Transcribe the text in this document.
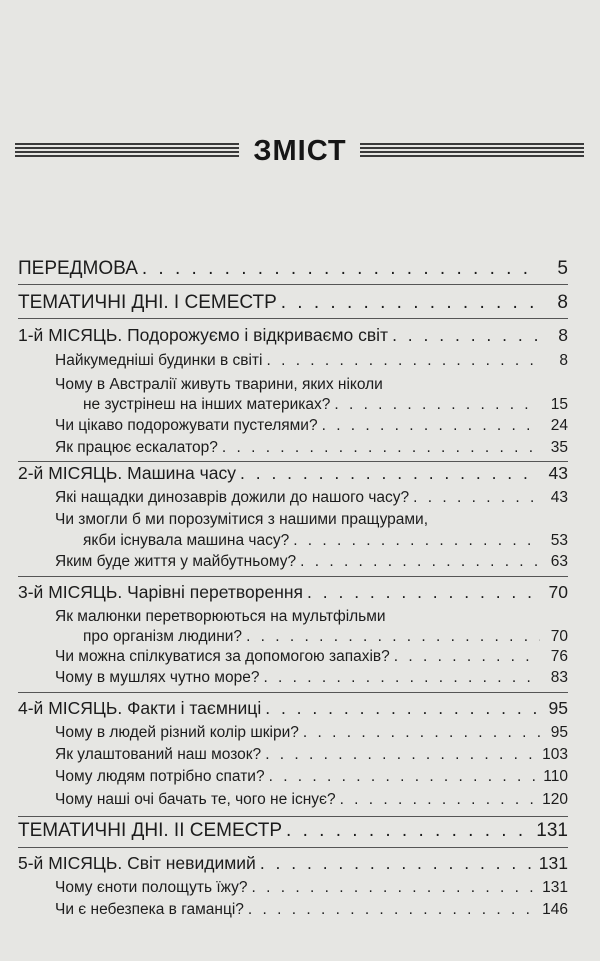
ЗМІСТ
ПЕРЕДМОВА . . .	5
ТЕМАТИЧНІ ДНІ. І СЕМЕСТР . . .	8
1-й МІСЯЦЬ. Подорожуємо і відкриваємо світ . . .	8
Найкумедніші будинки в світі . . .	8
Чому в Австралії живуть тварини, яких ніколи
не зустрінеш на інших материках? . . .	15
Чи цікаво подорожувати пустелями? . . .	24
Як працює ескалатор? . . .	35
2-й МІСЯЦЬ. Машина часу . . .	43
Які нащадки динозаврів дожили до нашого часу? . . .	43
Чи змогли б ми порозумітися з нашими пращурами,
якби існувала машина часу? . . .	53
Яким буде життя у майбутньому? . . .	63
3-й МІСЯЦЬ. Чарівні перетворення . . .	70
Як малюнки перетворюються на мультфільми
про організм людини? . . .	70
Чи можна спілкуватися за допомогою запахів? . . .	76
Чому в мушлях чутно море? . . .	83
4-й МІСЯЦЬ. Факти і таємниці . . .	95
Чому в людей різний колір шкіри? . . .	95
Як улаштований наш мозок? . . .	103
Чому людям потрібно спати? . . .	110
Чому наші очі бачать те, чого не існує? . . .	120
ТЕМАТИЧНІ ДНІ. ІІ СЕМЕСТР . . .	131
5-й МІСЯЦЬ. Світ невидимий . . .	131
Чому єноти полощуть їжу? . . .	131
Чи є небезпека в гаманці? . . .	146
